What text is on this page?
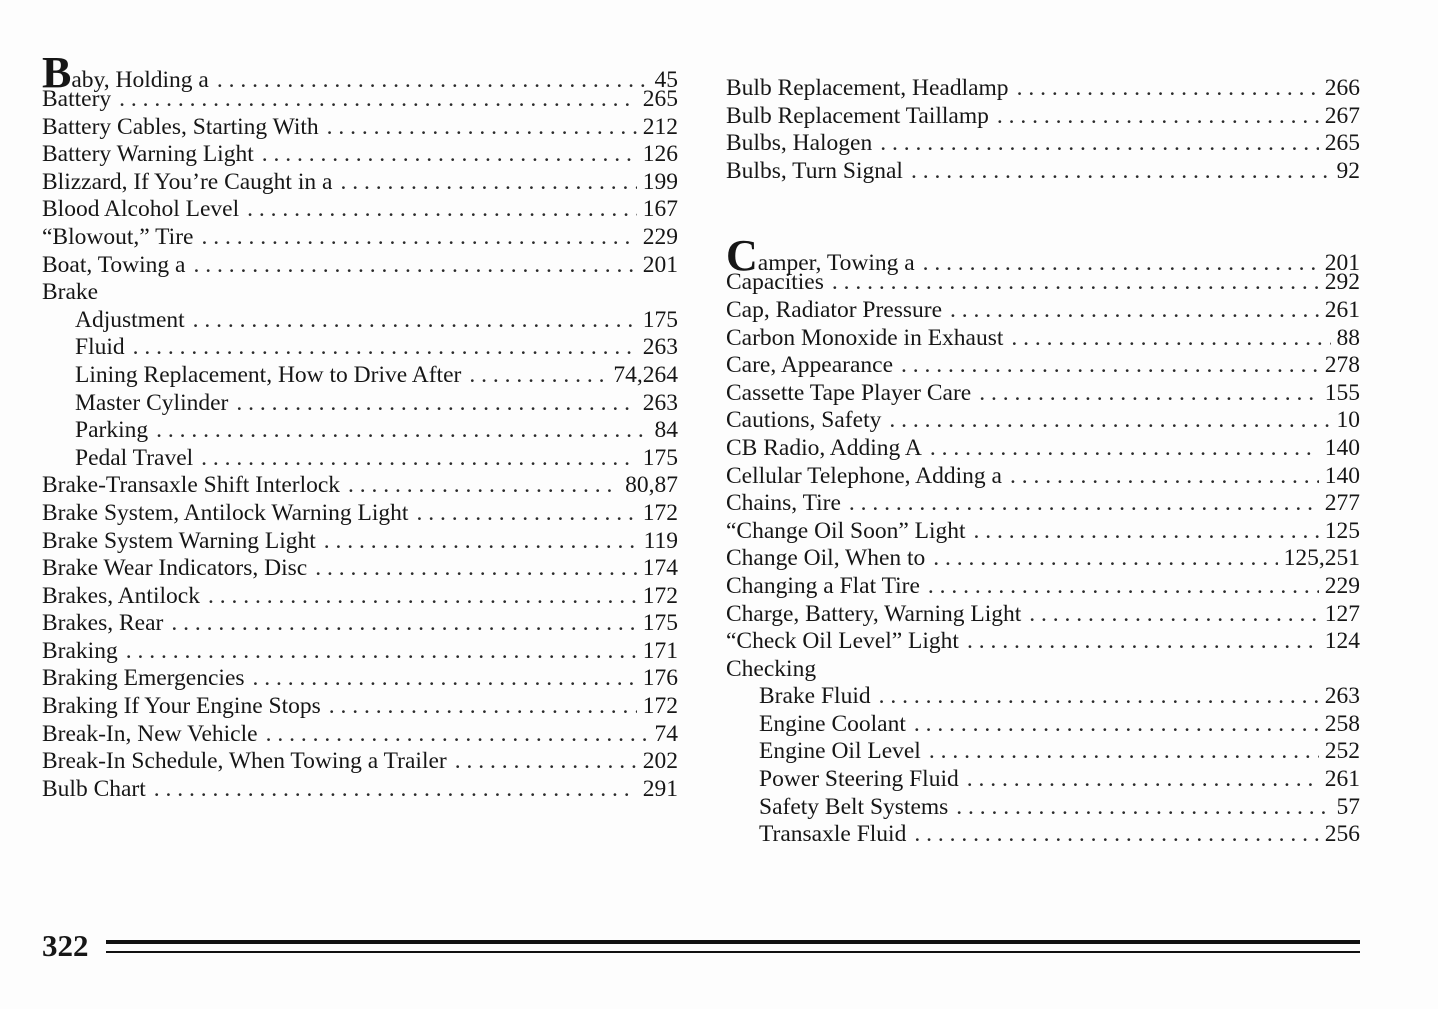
Baby, Holding a . . .	45
Battery . . .	265
Battery Cables, Starting With . . .	212
Battery Warning Light . . .	126
Blizzard, If You’re Caught in a . . .	199
Blood Alcohol Level . . .	167
“Blowout,” Tire . . .	229
Boat, Towing a . . .	201
Brake
Adjustment . . .	175
Fluid . . .	263
Lining Replacement, How to Drive After . . .	74,264
Master Cylinder . . .	263
Parking . . .	84
Pedal Travel . . .	175
Brake-Transaxle Shift Interlock . . .	80,87
Brake System, Antilock Warning Light . . .	172
Brake System Warning Light . . .	119
Brake Wear Indicators, Disc . . .	174
Brakes, Antilock . . .	172
Brakes, Rear . . .	175
Braking . . .	171
Braking Emergencies . . .	176
Braking If Your Engine Stops . . .	172
Break-In, New Vehicle . . .	74
Break-In Schedule, When Towing a Trailer . . .	202
Bulb Chart . . .	291
Bulb Replacement, Headlamp . . .	266
Bulb Replacement Taillamp . . .	267
Bulbs, Halogen . . .	265
Bulbs, Turn Signal . . .	92
Camper, Towing a . . .	201
Capacities . . .	292
Cap, Radiator Pressure . . .	261
Carbon Monoxide in Exhaust . . .	88
Care, Appearance . . .	278
Cassette Tape Player Care . . .	155
Cautions, Safety . . .	10
CB Radio, Adding A . . .	140
Cellular Telephone, Adding a . . .	140
Chains, Tire . . .	277
“Change Oil Soon” Light . . .	125
Change Oil, When to . . .	125,251
Changing a Flat Tire . . .	229
Charge, Battery, Warning Light . . .	127
“Check Oil Level” Light . . .	124
Checking
Brake Fluid . . .	263
Engine Coolant . . .	258
Engine Oil Level . . .	252
Power Steering Fluid . . .	261
Safety Belt Systems . . .	57
Transaxle Fluid . . .	256
322
